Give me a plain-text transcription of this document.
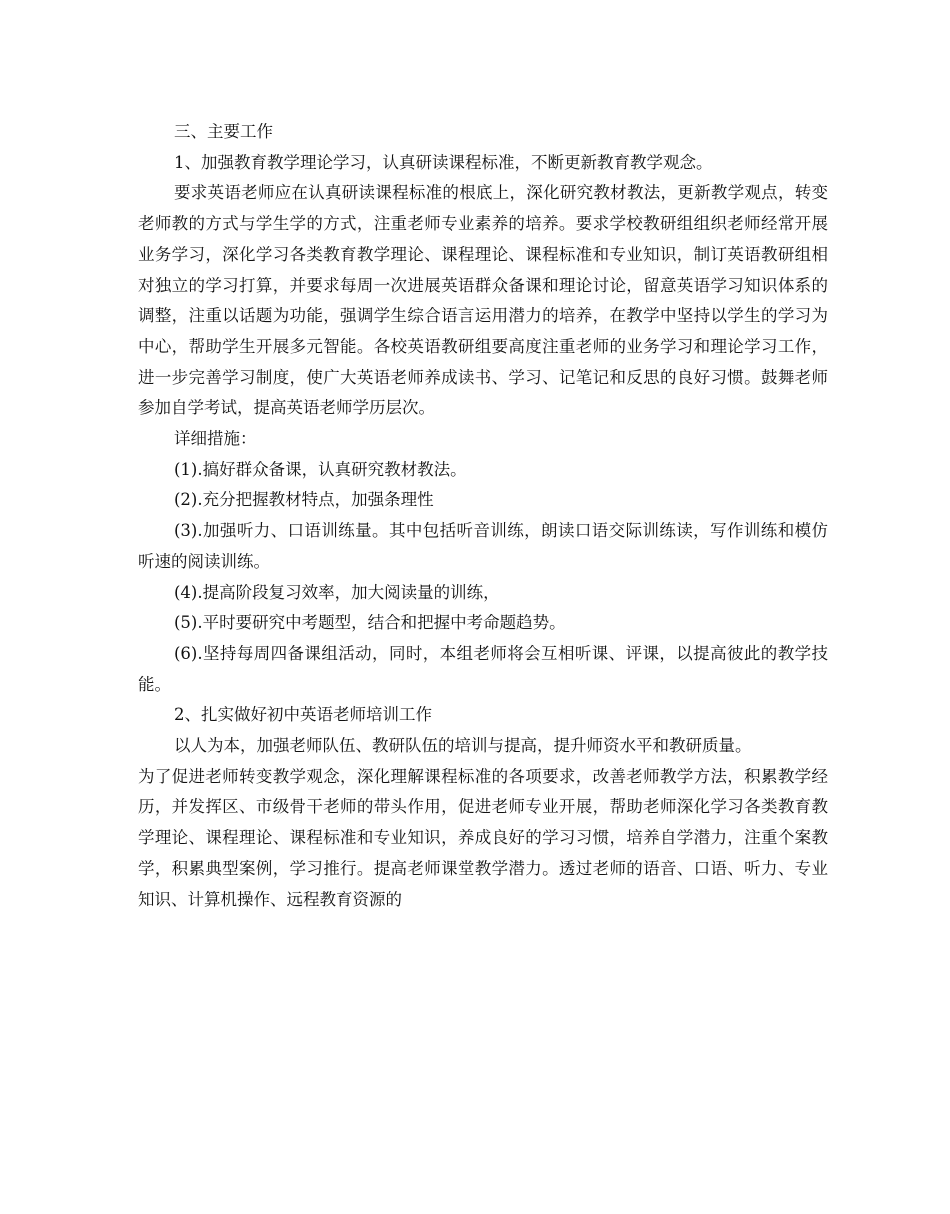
三、主要工作

1、加强教育教学理论学习，认真研读课程标准，不断更新教育教学观念。

要求英语老师应在认真研读课程标准的根底上，深化研究教材教法，更新教学观点，转变老师教的方式与学生学的方式，注重老师专业素养的培养。要求学校教研组组织老师经常开展业务学习，深化学习各类教育教学理论、课程理论、课程标准和专业知识，制订英语教研组相对独立的学习打算，并要求每周一次进展英语群众备课和理论讨论，留意英语学习知识体系的调整，注重以话题为功能，强调学生综合语言运用潜力的培养，在教学中坚持以学生的学习为中心，帮助学生开展多元智能。各校英语教研组要高度注重老师的业务学习和理论学习工作，进一步完善学习制度，使广大英语老师养成读书、学习、记笔记和反思的良好习惯。鼓舞老师参加自学考试，提高英语老师学历层次。

详细措施：

(1).搞好群众备课，认真研究教材教法。

(2).充分把握教材特点，加强条理性

(3).加强听力、口语训练量。其中包括听音训练，朗读口语交际训练读，写作训练和模仿听速的阅读训练。

(4).提高阶段复习效率，加大阅读量的训练，

(5).平时要研究中考题型，结合和把握中考命题趋势。

(6).坚持每周四备课组活动，同时，本组老师将会互相听课、评课，以提高彼此的教学技能。

2、扎实做好初中英语老师培训工作

以人为本，加强老师队伍、教研队伍的培训与提高，提升师资水平和教研质量。

为了促进老师转变教学观念，深化理解课程标准的各项要求，改善老师教学方法，积累教学经历，并发挥区、市级骨干老师的带头作用，促进老师专业开展，帮助老师深化学习各类教育教学理论、课程理论、课程标准和专业知识，养成良好的学习习惯，培养自学潜力，注重个案教学，积累典型案例，学习推行。提高老师课堂教学潜力。透过老师的语音、口语、听力、专业知识、计算机操作、远程教育资源的
